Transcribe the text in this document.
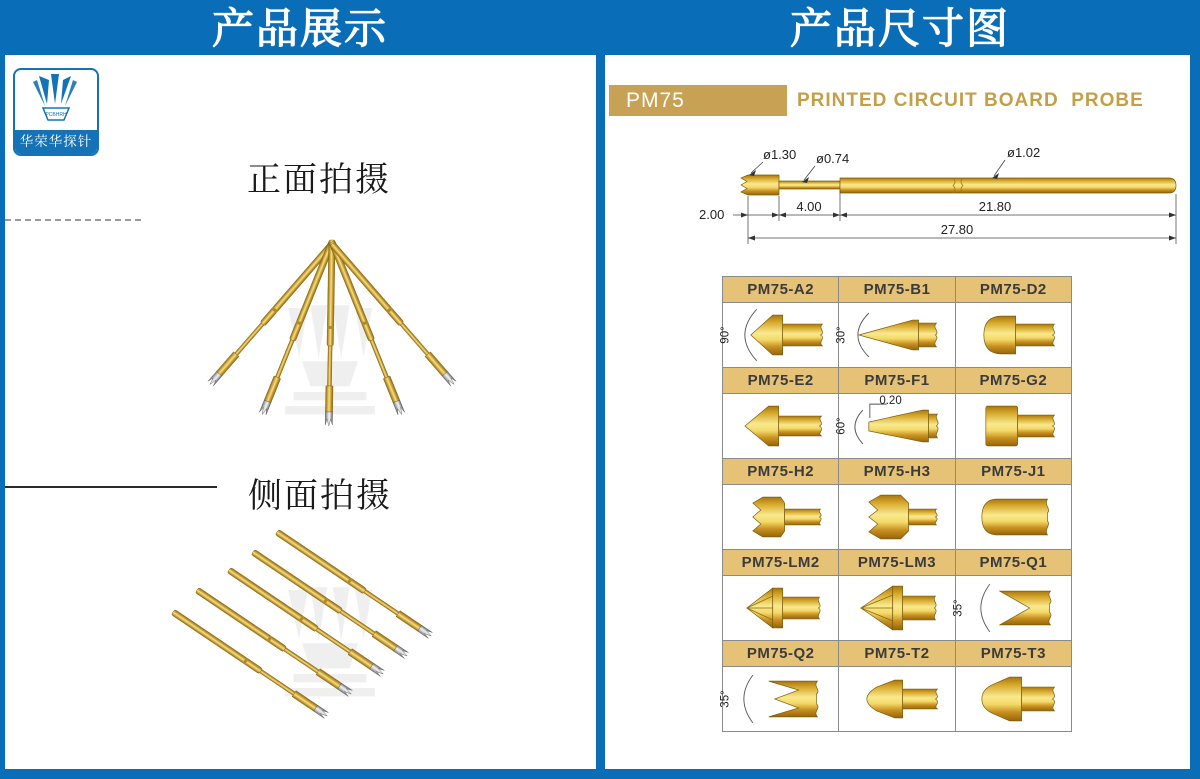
产品展示	产品尺寸图
PCBHRH
华荣华探针
正面拍摄
侧面拍摄
PM75	PRINTED CIRCUIT BOARD  PROBE
2.00
4.00	21.80
27.80
ø1.30 ø0.74	ø1.02
PM75-A2	PM75-B1	PM75-D2
90°	30°
PM75-E2	PM75-F1	PM75-G2
60°
0.20
PM75-H2	PM75-H3	PM75-J1
PM75-LM2	PM75-LM3	PM75-Q1
35°
PM75-Q2	PM75-T2	PM75-T3
35°
